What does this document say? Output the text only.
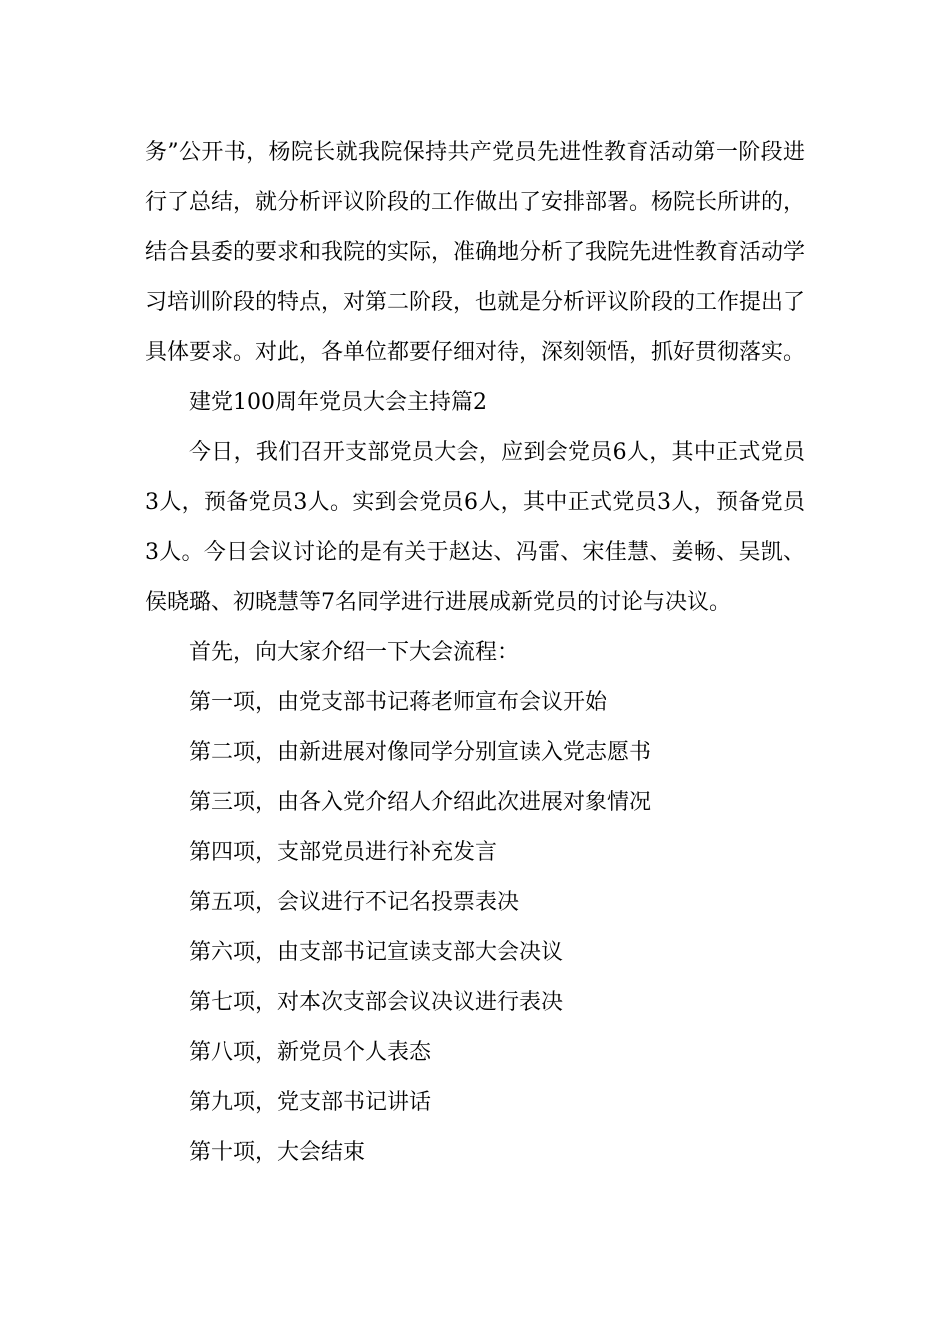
务”公开书，杨院长就我院保持共产党员先进性教育活动第一阶段进行了总结，就分析评议阶段的工作做出了安排部署。杨院长所讲的，结合县委的要求和我院的实际，准确地分析了我院先进性教育活动学习培训阶段的特点，对第二阶段，也就是分析评议阶段的工作提出了具体要求。对此，各单位都要仔细对待，深刻领悟，抓好贯彻落实。

建党100周年党员大会主持篇2

今日，我们召开支部党员大会，应到会党员6人，其中正式党员3人，预备党员3人。实到会党员6人，其中正式党员3人，预备党员3人。今日会议讨论的是有关于赵达、冯雷、宋佳慧、姜畅、吴凯、侯晓璐、初晓慧等7名同学进行进展成新党员的讨论与决议。

首先，向大家介绍一下大会流程：

第一项，由党支部书记蒋老师宣布会议开始

第二项，由新进展对像同学分别宣读入党志愿书

第三项，由各入党介绍人介绍此次进展对象情况

第四项，支部党员进行补充发言

第五项，会议进行不记名投票表决

第六项，由支部书记宣读支部大会决议

第七项，对本次支部会议决议进行表决

第八项，新党员个人表态

第九项，党支部书记讲话

第十项，大会结束
